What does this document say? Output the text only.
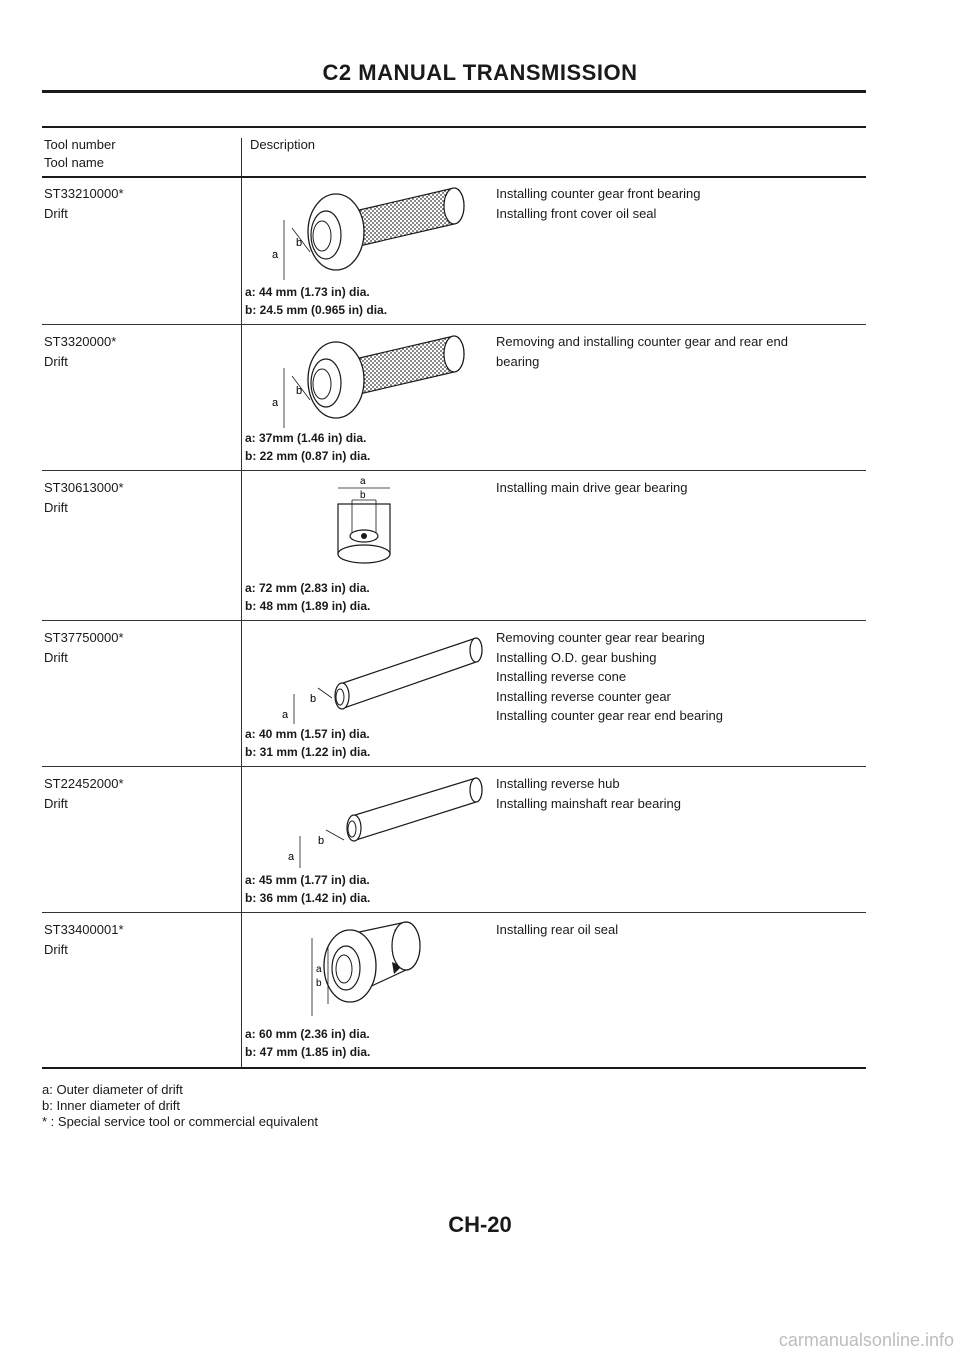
C2 MANUAL TRANSMISSION
Tool number
Tool name
Description
ST33210000*
Drift
a
b
a: 44 mm (1.73 in) dia.
b: 24.5 mm (0.965 in) dia.
Installing counter gear front bearing
Installing front cover oil seal
ST3320000*
Drift
a
b
a: 37mm (1.46 in) dia.
b: 22 mm (0.87 in) dia.
Removing and installing counter gear and rear end
bearing
ST30613000*
Drift
a
b
a: 72 mm (2.83 in) dia.
b: 48 mm (1.89 in) dia.
Installing main drive gear bearing
ST37750000*
Drift
a
b
a: 40 mm (1.57 in) dia.
b: 31 mm (1.22 in) dia.
Removing counter gear rear bearing
Installing O.D. gear bushing
Installing reverse cone
Installing reverse counter gear
Installing counter gear rear end bearing
ST22452000*
Drift
a
b
a: 45 mm (1.77 in) dia.
b: 36 mm (1.42 in) dia.
Installing reverse hub
Installing mainshaft rear bearing
ST33400001*
Drift
a
b
a: 60 mm (2.36 in) dia.
b: 47 mm (1.85 in) dia.
Installing rear oil seal
a: Outer diameter of drift
b: Inner diameter of drift
* : Special service tool or commercial equivalent
CH-20
carmanualsonline.info
